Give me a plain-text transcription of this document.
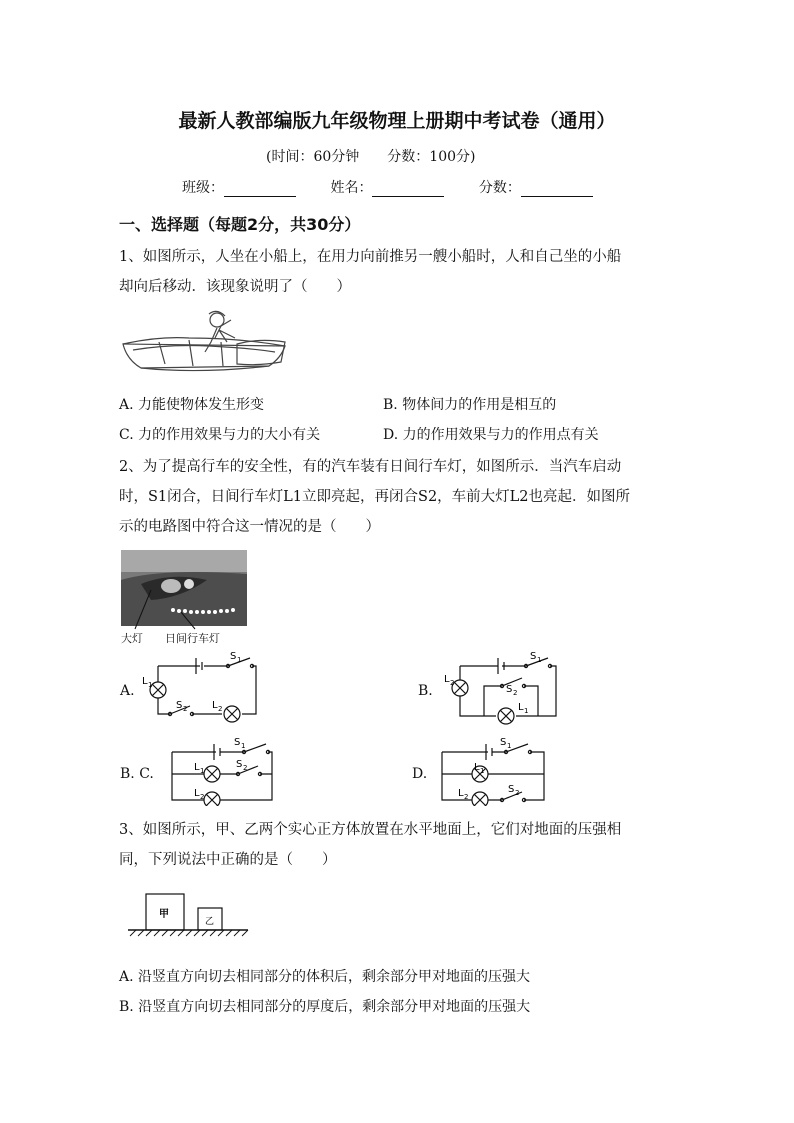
最新人教部编版九年级物理上册期中考试卷（通用）
(时间：60分钟 分数：100分)
班级：	姓名：	分数：
一、选择题（每题2分，共30分）
1、如图所示，人坐在小船上，在用力向前推另一艘小船时，人和自己坐的小船
却向后移动．该现象说明了（　　）
A. 力能使物体发生形变	B. 物体间力的作用是相互的
C. 力的作用效果与力的大小有关	D. 力的作用效果与力的作用点有关
2、为了提高行车的安全性，有的汽车装有日间行车灯，如图所示．当汽车启动
时，S1闭合，日间行车灯L1立即亮起，再闭合S2，车前大灯L2也亮起．如图所
示的电路图中符合这一情况的是（　　）
大灯 日间行车灯
A.
L 1
S 1
S 2 L 2
B.
L 2
S 1
S 2
L 1
B. C.
S 1
L 1
S 2
L 2
D.
S 1
L 1
L 2
S 2
3、如图所示，甲、乙两个实心正方体放置在水平地面上，它们对地面的压强相
同，下列说法中正确的是（　　）
甲
乙
A. 沿竖直方向切去相同部分的体积后，剩余部分甲对地面的压强大
B. 沿竖直方向切去相同部分的厚度后，剩余部分甲对地面的压强大
